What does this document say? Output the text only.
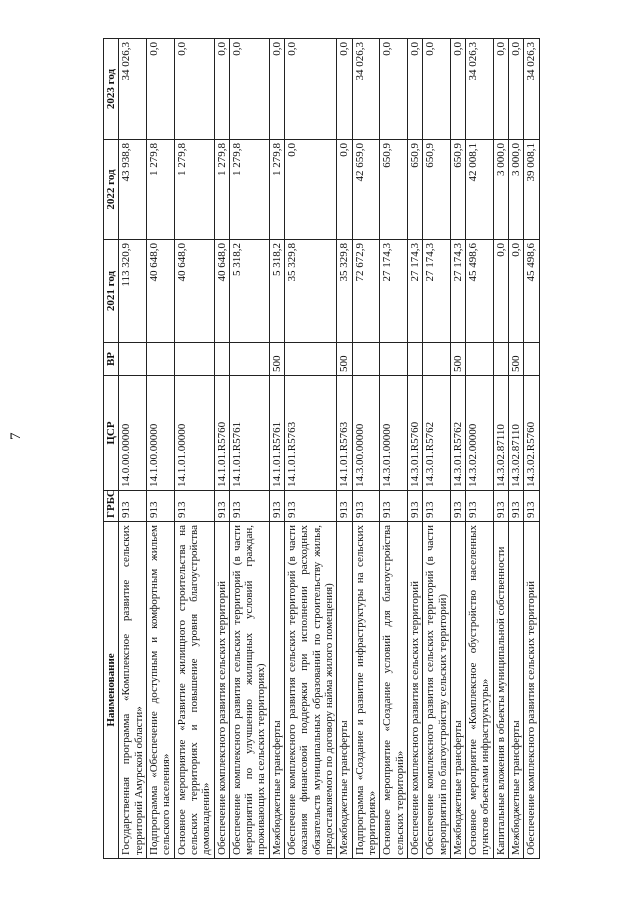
7
Наименование	ГРБС	ЦСР	ВР	2021 год	2022 год	2023 год
Государственная программа «Комплексное развитие сельских территорий Амурской области»	913	14.0.00.00000		113 320,9	43 938,8	34 026,3
Подпрограмма «Обеспечение доступным и комфортным жильем сельского населения»	913	14.1.00.00000		40 648,0	1 279,8	0,0
Основное мероприятие «Развитие жилищного строительства на сельских территориях и повышение уровня благоустройства домовладений»	913	14.1.01.00000		40 648,0	1 279,8	0,0
Обеспечение комплексного развития сельских территорий	913	14.1.01.R5760		40 648,0	1 279,8	0,0
Обеспечение комплексного развития сельских территорий (в части мероприятий по улучшению жилищных условий граждан, проживающих на сельских территориях)	913	14.1.01.R5761		5 318,2	1 279,8	0,0
Межбюджетные трансферты	913	14.1.01.R5761	500	5 318,2	1 279,8	0,0
Обеспечение комплексного развития сельских территорий (в части оказания финансовой поддержки при исполнении расходных обязательств муниципальных образований по строительству жилья, предоставляемого по договору найма жилого помещения)	913	14.1.01.R5763		35 329,8	0,0	0,0
Межбюджетные трансферты	913	14.1.01.R5763	500	35 329,8	0,0	0,0
Подпрограмма «Создание и развитие инфраструктуры на сельских территориях»	913	14.3.00.00000		72 672,9	42 659,0	34 026,3
Основное мероприятие «Создание условий для благоустройства сельских территорий»	913	14.3.01.00000		27 174,3	650,9	0,0
Обеспечение комплексного развития сельских территорий	913	14.3.01.R5760		27 174,3	650,9	0,0
Обеспечение комплексного развития сельских территорий (в части мероприятий по благоустройству сельских территорий)	913	14.3.01.R5762		27 174,3	650,9	0,0
Межбюджетные трансферты	913	14.3.01.R5762	500	27 174,3	650,9	0,0
Основное мероприятие «Комплексное обустройство населенных пунктов объектами инфраструктуры»	913	14.3.02.00000		45 498,6	42 008,1	34 026,3
Капитальные вложения в объекты муниципальной собственности	913	14.3.02.87110		0,0	3 000,0	0,0
Межбюджетные трансферты	913	14.3.02.87110	500	0,0	3 000,0	0,0
Обеспечение комплексного развития сельских территорий	913	14.3.02.R5760		45 498,6	39 008,1	34 026,3
